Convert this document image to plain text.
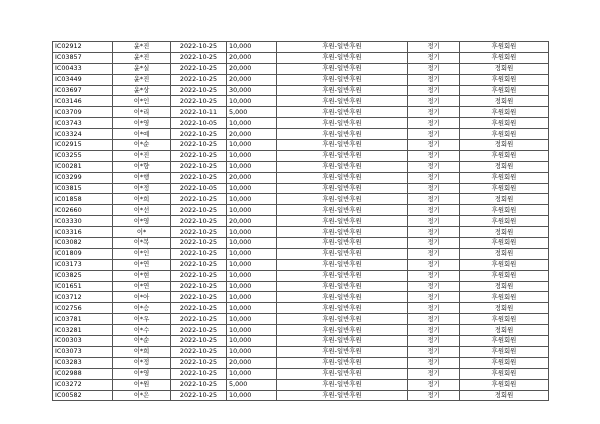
IC02912	윤*진	2022-10-25	10,000	후원-일반후원	정기	후원회원
IC03857	윤*진	2022-10-25	20,000	후원-일반후원	정기	후원회원
IC00433	윤*실	2022-10-25	20,000	후원-일반후원	정기	정회원
IC03449	윤*진	2022-10-25	20,000	후원-일반후원	정기	후원회원
IC03697	윤*상	2022-10-25	30,000	후원-일반후원	정기	후원회원
IC03146	이*인	2022-10-25	10,000	후원-일반후원	정기	정회원
IC03709	이*리	2022-10-11	5,000	후원-일반후원	정기	후원회원
IC03743	이*영	2022-10-05	10,000	후원-일반후원	정기	후원회원
IC03324	이*예	2022-10-25	20,000	후원-일반후원	정기	후원회원
IC02915	이*순	2022-10-25	10,000	후원-일반후원	정기	정회원
IC03255	이*진	2022-10-25	10,000	후원-일반후원	정기	후원회원
IC00281	이*향	2022-10-25	10,000	후원-일반후원	정기	정회원
IC03299	이*행	2022-10-25	20,000	후원-일반후원	정기	후원회원
IC03815	이*정	2022-10-05	10,000	후원-일반후원	정기	후원회원
IC01858	이*희	2022-10-25	10,000	후원-일반후원	정기	정회원
IC02660	이*선	2022-10-25	10,000	후원-일반후원	정기	후원회원
IC03330	이*영	2022-10-25	20,000	후원-일반후원	정기	후원회원
IC03316	이*	2022-10-25	10,000	후원-일반후원	정기	정회원
IC03082	이*복	2022-10-25	10,000	후원-일반후원	정기	후원회원
IC01809	이*인	2022-10-25	10,000	후원-일반후원	정기	정회원
IC03173	이*연	2022-10-25	10,000	후원-일반후원	정기	후원회원
IC03825	이*현	2022-10-25	10,000	후원-일반후원	정기	후원회원
IC01651	이*연	2022-10-25	10,000	후원-일반후원	정기	정회원
IC03712	이*아	2022-10-25	10,000	후원-일반후원	정기	후원회원
IC02756	이*승	2022-10-25	10,000	후원-일반후원	정기	정회원
IC03781	이*우	2022-10-25	10,000	후원-일반후원	정기	후원회원
IC03281	이*수	2022-10-25	10,000	후원-일반후원	정기	정회원
IC00303	이*순	2022-10-25	10,000	후원-일반후원	정기	후원회원
IC03073	이*희	2022-10-25	10,000	후원-일반후원	정기	후원회원
IC03283	이*정	2022-10-25	20,000	후원-일반후원	정기	후원회원
IC02988	이*영	2022-10-25	10,000	후원-일반후원	정기	후원회원
IC03272	이*원	2022-10-25	5,000	후원-일반후원	정기	후원회원
IC00582	이*은	2022-10-25	10,000	후원-일반후원	정기	정회원
